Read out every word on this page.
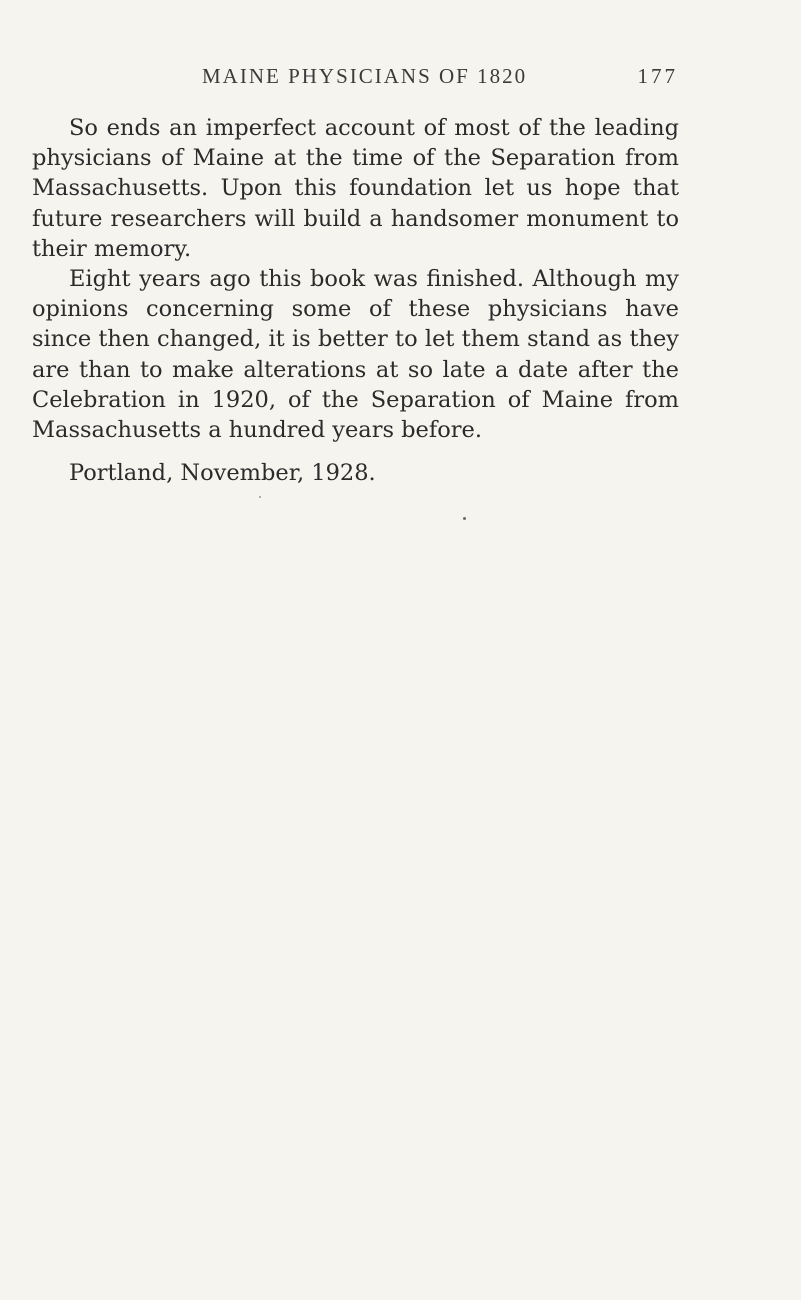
MAINE PHYSICIANS OF 1820	177

So ends an imperfect account of most of the leading physicians of Maine at the time of the Separation from Massachusetts. Upon this foundation let us hope that future researchers will build a handsomer monument to their memory.

Eight years ago this book was finished. Although my opinions concerning some of these physicians have since then changed, it is better to let them stand as they are than to make alterations at so late a date after the Celebration in 1920, of the Separation of Maine from Massachusetts a hundred years before.

Portland, November, 1928.
